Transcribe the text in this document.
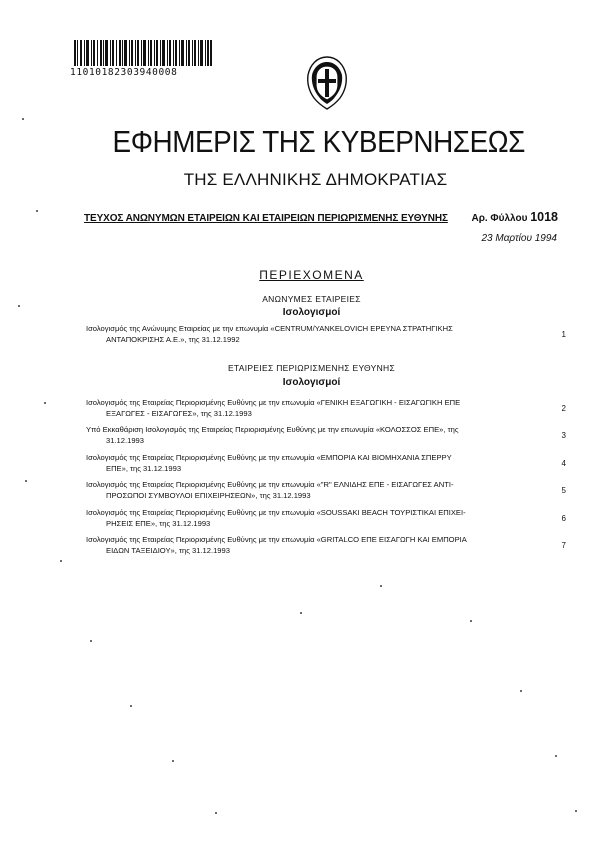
11010182303940008
ΕΦΗΜΕΡΙΣ ΤΗΣ ΚΥΒΕΡΝΗΣΕΩΣ
ΤΗΣ ΕΛΛΗΝΙΚΗΣ ΔΗΜΟΚΡΑΤΙΑΣ
ΤΕΥΧΟΣ ΑΝΩΝΥΜΩΝ ΕΤΑΙΡΕΙΩΝ ΚΑΙ ΕΤΑΙΡΕΙΩΝ ΠΕΡΙΩΡΙΣΜΕΝΗΣ ΕΥΘΥΝΗΣ Αρ. Φύλλου 1018
23 Μαρτίου 1994
ΠΕΡΙΕΧΟΜΕΝΑ
ΑΝΩΝΥΜΕΣ ΕΤΑΙΡΕΙΕΣ
Ισολογισμοί
Ισολογισμός της Ανώνυμης Εταιρείας με την επωνυμία «CENTRUM/YANKELOVICH ΕΡΕΥΝΑ ΣΤΡΑΤΗΓΙΚΗΣ
ΑΝΤΑΠΟΚΡΙΣΗΣ Α.Ε.», της 31.12.1992
1
ΕΤΑΙΡΕΙΕΣ ΠΕΡΙΩΡΙΣΜΕΝΗΣ ΕΥΘΥΝΗΣ
Ισολογισμοί
Ισολογισμός της Εταιρείας Περιορισμένης Ευθύνης με την επωνυμία «ΓΕΝΙΚΗ ΕΞΑΓΩΓΙΚΗ - ΕΙΣΑΓΩΓΙΚΗ ΕΠΕ
ΕΞΑΓΩΓΕΣ - ΕΙΣΑΓΩΓΕΣ», της 31.12.1993
2
Υπό Εκκαθάριση Ισολογισμός της Εταιρείας Περιορισμένης Ευθύνης με την επωνυμία «ΚΟΛΟΣΣΟΣ ΕΠΕ», της
31.12.1993
3
Ισολογισμός της Εταιρείας Περιορισμένης Ευθύνης με την επωνυμία «ΕΜΠΟΡΙΑ ΚΑΙ ΒΙΟΜΗΧΑΝΙΑ ΣΠΕΡΡΥ
ΕΠΕ», της 31.12.1993
4
Ισολογισμός της Εταιρείας Περιορισμένης Ευθύνης με την επωνυμία «"R" ΕΛΝΙΔΗΣ ΕΠΕ - ΕΙΣΑΓΩΓΕΣ ΑΝΤΙ-
ΠΡΟΣΩΠΟΙ ΣΥΜΒΟΥΛΟΙ ΕΠΙΧΕΙΡΗΣΕΩΝ», της 31.12.1993
5
Ισολογισμός της Εταιρείας Περιορισμένης Ευθύνης με την επωνυμία «SOUSSAKI BEACH ΤΟΥΡΙΣΤΙΚΑΙ ΕΠΙΧΕΙ-
ΡΗΣΕΙΣ ΕΠΕ», της 31.12.1993
6
Ισολογισμός της Εταιρείας Περιορισμένης Ευθύνης με την επωνυμία «GRITALCO ΕΠΕ ΕΙΣΑΓΩΓΗ ΚΑΙ ΕΜΠΟΡΙΑ
ΕΙΔΩΝ ΤΑΞΕΙΔΙΟΥ», της 31.12.1993
7
